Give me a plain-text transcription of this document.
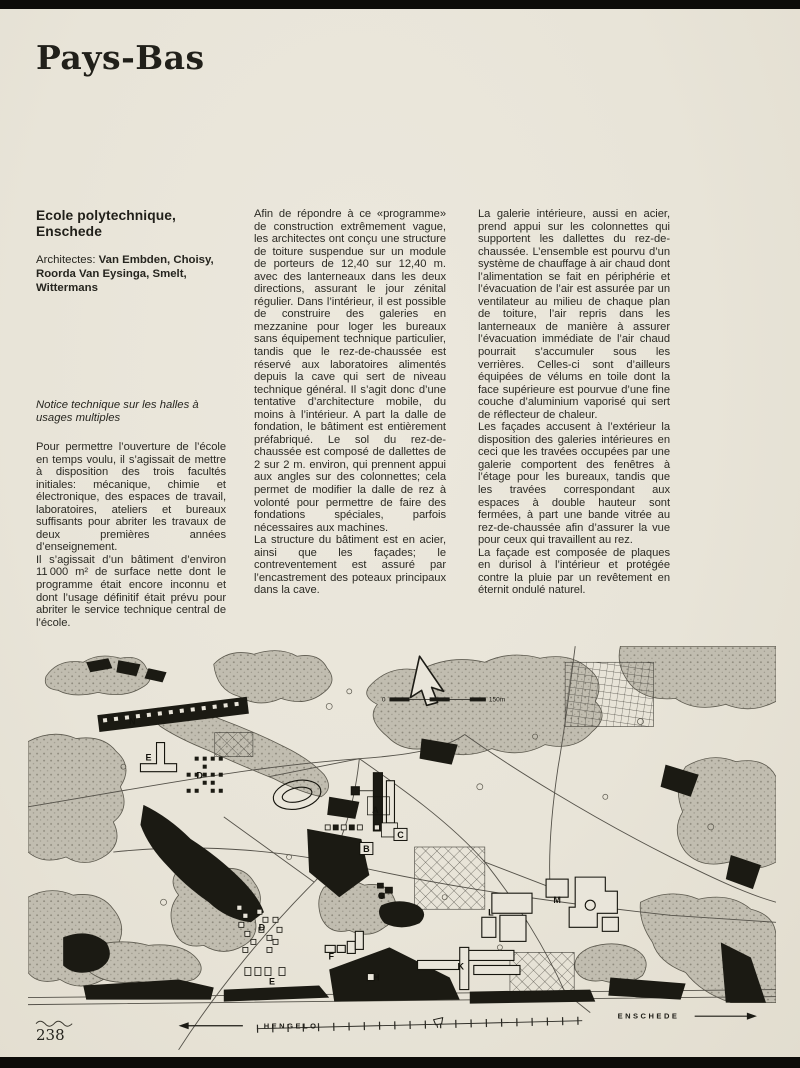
Pays-Bas
Ecole polytechnique,
Enschede

Architectes: Van Embden, Choisy, Roorda Van Eysinga, Smelt, Wittermans

Notice technique sur les halles à usages multiples

Pour permettre l’ouverture de l’école en temps voulu, il s’agissait de mettre à disposition des trois facultés initiales: mécanique, chimie et électronique, des espaces de travail, laboratoires, ateliers et bureaux suffisants pour abriter les travaux de deux premières années d’enseignement.

Il s’agissait d’un bâtiment d’environ 11 000 m² de surface nette dont le programme était encore inconnu et dont l’usage définitif était prévu pour abriter le service technique central de l’école.

Afin de répondre à ce «programme» de construction extrêmement vague, les architectes ont conçu une structure de toiture suspendue sur un module de porteurs de 12,40 sur 12,40 m. avec des lanterneaux dans les deux directions, assurant le jour zénital régulier. Dans l’intérieur, il est possible de construire des galeries en mezzanine pour loger les bureaux sans équipement technique particulier, tandis que le rez-de-chaussée est réservé aux laboratoires alimentés depuis la cave qui sert de niveau technique général. Il s’agit donc d’une tentative d’architecture mobile, du moins à l’intérieur. A part la dalle de fondation, le bâtiment est entièrement préfabriqué. Le sol du rez-de-chaussée est composé de dallettes de 2 sur 2 m. environ, qui prennent appui aux angles sur des colonnettes; cela permet de modifier la dalle de rez à volonté pour permettre de faire des fondations spéciales, parfois nécessaires aux machines.

La structure du bâtiment est en acier, ainsi que les façades; le contreventement est assuré par l’encastrement des poteaux principaux dans la cave.

La galerie intérieure, aussi en acier, prend appui sur les colonnettes qui supportent les dallettes du rez-de-chaussée. L’ensemble est pourvu d’un système de chauffage à air chaud dont l’alimentation se fait en périphérie et l’évacuation de l’air est assurée par un ventilateur au milieu de chaque plan de toiture, l’air repris dans les lanterneaux de manière à assurer l’évacuation immédiate de l’air chaud pourrait s’accumuler sous les verrières. Celles-ci sont d’ailleurs équipées de vélums en toile dont la face supérieure est pourvue d’une fine couche d’aluminium vaporisé qui sert de réflecteur de chaleur.

Les façades accusent à l’extérieur la disposition des galeries intérieures en ceci que les travées occupées par une galerie comportent des fenêtres à l’étage pour les bureaux, tandis que les travées correspondant aux espaces à double hauteur sont fermées, à part une bande vitrée au rez-de-chaussée afin d’assurer la vue pour ceux qui travaillent au rez.

La façade est composée de plaques en durisol à l’intérieur et protégée contre la pluie par un revêtement en éternit ondulé naturel.

0	150m
HENGELO
ENSCHEDE
N
E
D
A
C
B
G	M
L
D
F
K
E	H
238
